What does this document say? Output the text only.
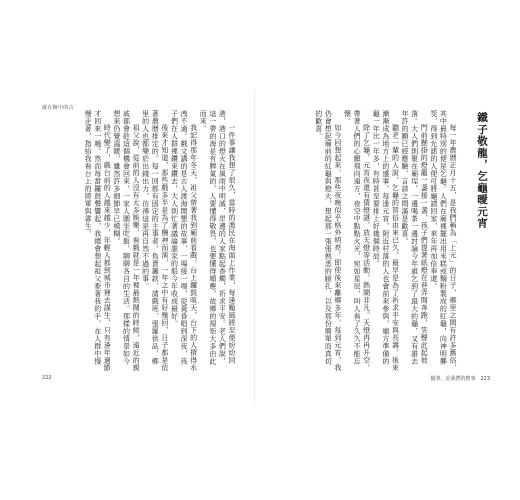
歲在鏡中的古

一件事讓我想了很久，當時的漁民在海面上作業，每逢颱風將至便紛紛回港，港口的燈火在風雨中明滅，岸邊的人家點起香燭，祈求平安。老人們說，這一帶的海是有脾氣的，人要懂得敬畏，也要懂得順應，故鄉的規矩大多由此而來。

我記得那年冬天，祖父帶著我到廟前看戲，台上鑼鼓喧天，台下的人擠得水洩不通。戲文講的是古人渡海開墾的故事，一場接一場，從黃昏唱到深夜，孩子們在人群裡鑽來鑽去，大人則忙著議論誰家的船今年收成最好。

後來才知道，那些戲多半是為了酬神而演，一年之中有好幾回，日子都是依著農曆排定的。每一回都有固定的主事者，負責籌款、請戲班、張羅供品，鄉里的人也都樂於出錢出力，彷彿這是再自然不過的事。

祖父說，從前的人沒有太多娛樂，看戲就是一年裡最熱鬧的時候，遠近的親戚都會趁這個機會回來，一家人圍坐吃飯，聊聊各自的生活。那樣的情景如今想來仍覺溫暖，雖然許多細節早已模糊。

時代變了，戲台前的人越來越少，年輕人都到城市裡去謀生，只有逢年過節才回來一趟。然而每當鑼鼓聲響起，我總會想起祖父牽著我的手，在人群中慢慢走著，指給我看台上的將軍與書生。

222
鐵子敬龍，乞龜曖元宵

每一年農曆正月十五，是我們稱為「上元」的日子，鄉里之間有許多舊俗，其中最特別的便是乞龜。人們在廟裡擺出用米糕或麵粉製成的紅龜，向神明擲筊，得到允諾的人便可將龜請回家，來年再加倍奉還。

門前懸掛的燈籠一盞接一盞，孩子們提著紙燈在巷弄間奔跑，笑聲此起彼落。大人們則聚在廟埕，一邊喝茶一邊討論今年誰乞到了最大的龜，又有誰去年許的願已經應驗，言談之間滿是歡喜。

聽老一輩的人說，乞龜的習俗由來已久，最早是為了祈求平安與長壽，後來漸漸成為地方上的盛事。每逢元宵，附近村落的人也會前來參與，廟方準備的龜一年比一年多，有時甚至要排上好幾個時辰。

除了乞龜，元宵夜還有猜燈謎、放天燈等活動，熱鬧非凡。天燈冉冉升空，帶著人們的心願飛向遠方，夜空中點點火光，宛如星辰，叫人看了久久不能忘懷。

如今回想起來，那些夜晚似乎格外明亮。即使後來離鄉多年，每到元宵，我仍會想起廟前的紅龜與燈火，想起那一張張熟悉的臉孔，以及那份簡單而真切的歡喜。

隨筆，記我們的舊事　223
